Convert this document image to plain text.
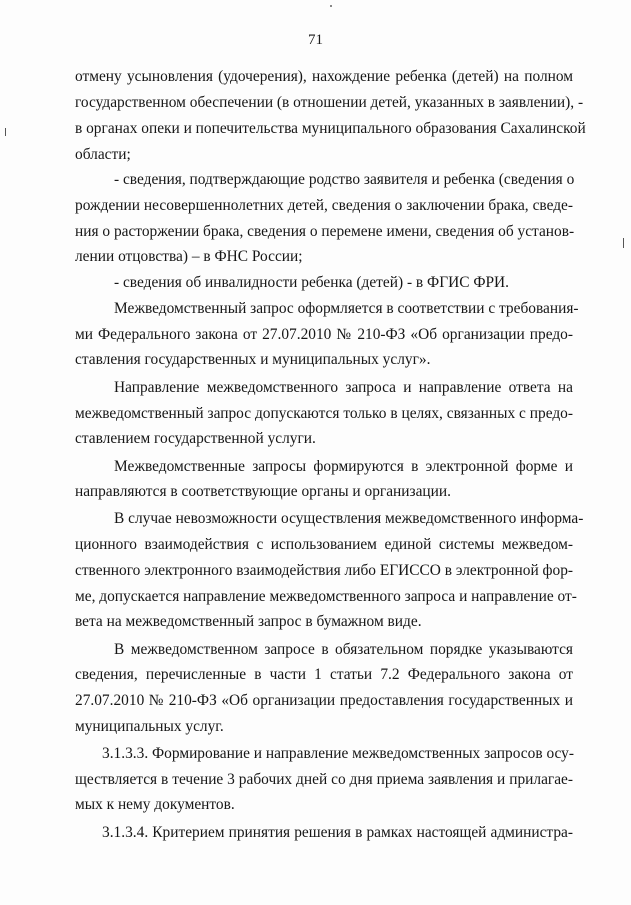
71
отмену усыновления (удочерения), нахождение ребенка (детей) на полном
государственном обеспечении (в отношении детей, указанных в заявлении), -
в органах опеки и попечительства муниципального образования Сахалинской
области;
- сведения, подтверждающие родство заявителя и ребенка (сведения о
рождении несовершеннолетних детей, сведения о заключении брака, сведе-
ния о расторжении брака, сведения о перемене имени, сведения об установ-
лении отцовства) – в ФНС России;
- сведения об инвалидности ребенка (детей) - в ФГИС ФРИ.
Межведомственный запрос оформляется в соответствии с требования-
ми Федерального закона от 27.07.2010 № 210-ФЗ «Об организации предо-
ставления государственных и муниципальных услуг».
Направление межведомственного запроса и направление ответа на
межведомственный запрос допускаются только в целях, связанных с предо-
ставлением государственной услуги.
Межведомственные запросы формируются в электронной форме и
направляются в соответствующие органы и организации.
В случае невозможности осуществления межведомственного информа-
ционного взаимодействия с использованием единой системы межведом-
ственного электронного взаимодействия либо ЕГИССО в электронной фор-
ме, допускается направление межведомственного запроса и направление от-
вета на межведомственный запрос в бумажном виде.
В межведомственном запросе в обязательном порядке указываются
сведения, перечисленные в части 1 статьи 7.2 Федерального закона от
27.07.2010 № 210-ФЗ «Об организации предоставления государственных и
муниципальных услуг.
3.1.3.3. Формирование и направление межведомственных запросов осу-
ществляется в течение 3 рабочих дней со дня приема заявления и прилагае-
мых к нему документов.
3.1.3.4. Критерием принятия решения в рамках настоящей администра-
